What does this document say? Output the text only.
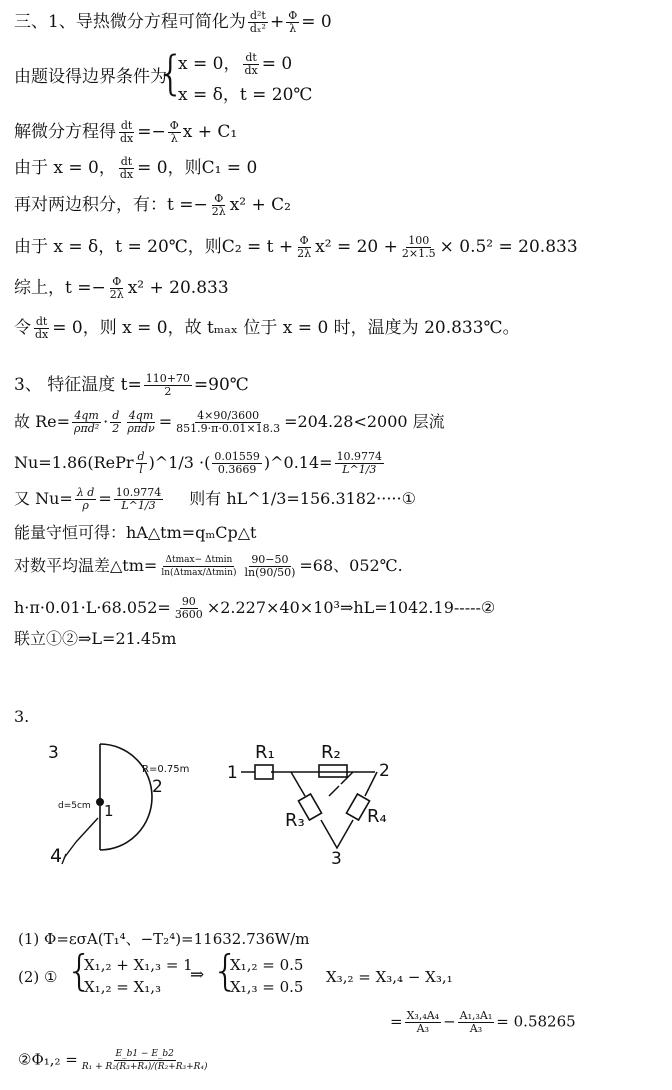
三、1、导热微分方程可简化为 $\frac{\text{d²t}}{\text{dₓ²}} + \frac{\Phi}{\lambda} = 0$
由题设得边界条件为
{
x = 0， $\frac{dt}{dx} = 0$
x = δ，t = 20℃
解微分方程得 $\frac{dt}{dx} =- \frac{\Phi}{\lambda}$ x + C₁
由于 x = 0， $\frac{dt}{dx} = 0$，则C₁ = 0
再对两边积分，有：$t =- \frac{\Phi}{2\lambda} x^2 + C_2$
由于 x = δ，t = 20℃，则$C_2 = t + \frac{\Phi}{2\lambda} x^2 = 20 + \frac{100}{2\times 1.5} \times 0.5^2 = 20.833$
综上，$t =- \frac{\Phi}{2\lambda} x^2 + 20.833$
令 $\frac{dt}{dx} = 0$，则 x = 0，故 tₘₐₓ 位于 x = 0 时，温度为 20.833℃。
3、 特征温度 $t= \frac{110+70}{2}$ =90℃
故 Re= 4qm
$\rho\pi d^2 \cdot \frac{d}{2} 4qm$
$\rho\pi d\nu = \frac{4\times 90/3600}{851.9\cdot\pi\cdot 0.01\times 18.3} =204.28<2000$ 层流
Nu=1.86(RePr $\frac{d}{l}$ )^1/3 ·( $\frac{0.01559}{0.3669}$ )^0.14= $\frac{10.9774}{L\^{}1/3}$
又 $Nu= \frac{\text{λ d}}{\rho} = \frac{10.9774}{L\^{}1/3}$ 则有 hL^1/3=156.3182·····①
能量守恒可得：hA△tm=qₘCp△t
对数平均温差△tm= Δtmax− Δtmin
$\ln(\Delta tmax/\Delta tmin) \frac{90-50}{\ln(90/50)} =68$、052℃.
$h\cdot\pi\cdot 0.01\cdot L\cdot 68.052= \frac{90}{3600}$ ×2.227×40×10³⇒hL=1042.19-----②
联立①②⇒L=21.45m
3.
3
2
1
4
R=0.75m
d=5cm
R₁	R₂
R₃	R₄
1	2
3
(1) Φ=εσA(T₁⁴、−T₂⁴)=11632.736W/m
(2) ① {
X₁,₂ + X₁,₃ = 1
X₁,₂ = X₁,₃
⇒ {
X₁,₂ = 0.5
X₁,₃ = 0.5
X₃,₂ = X₃,₄ − X₃,₁
= $\frac{\text{X₃,₄A₄}}{\text{A₃}} - \frac{\text{A₁,₃A₁}}{\text{A₃}} = 0.58265$
②Φ₁,₂ = $\frac{E\_b1 - E\_b2}{\text{R₁ + R₂(R₃+R₄)/(R₂+R₃+R₄)}}$
